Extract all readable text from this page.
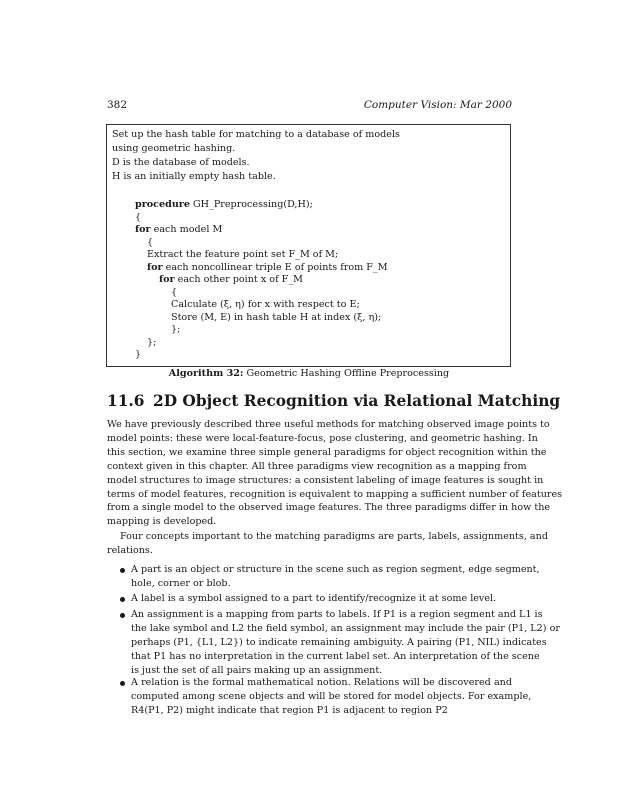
382	Computer Vision: Mar 2000
Set up the hash table for matching to a database of models
using geometric hashing.
D is the database of models.
H is an initially empty hash table.
procedure GH_Preprocessing(D,H);
{
for each model M
{
Extract the feature point set F_M of M;
for each noncollinear triple E of points from F_M
for each other point x of F_M
{
Calculate (ξ, η) for x with respect to E;
Store (M, E) in hash table H at index (ξ, η);
};
};
}
Algorithm 32: Geometric Hashing Offline Preprocessing
11.6 2D Object Recognition via Relational Matching
We have previously described three useful methods for matching observed image points to
model points: these were local-feature-focus, pose clustering, and geometric hashing. In
this section, we examine three simple general paradigms for object recognition within the
context given in this chapter. All three paradigms view recognition as a mapping from
model structures to image structures: a consistent labeling of image features is sought in
terms of model features, recognition is equivalent to mapping a sufficient number of features
from a single model to the observed image features. The three paradigms differ in how the
mapping is developed.
Four concepts important to the matching paradigms are parts, labels, assignments, and
relations.
A part is an object or structure in the scene such as region segment, edge segment,
hole, corner or blob.
A label is a symbol assigned to a part to identify/recognize it at some level.
An assignment is a mapping from parts to labels. If P1 is a region segment and L1 is
the lake symbol and L2 the field symbol, an assignment may include the pair (P1, L2) or
perhaps (P1, {L1, L2}) to indicate remaining ambiguity. A pairing (P1, NIL) indicates
that P1 has no interpretation in the current label set. An interpretation of the scene
is just the set of all pairs making up an assignment.
A relation is the formal mathematical notion. Relations will be discovered and
computed among scene objects and will be stored for model objects. For example,
R4(P1, P2) might indicate that region P1 is adjacent to region P2
